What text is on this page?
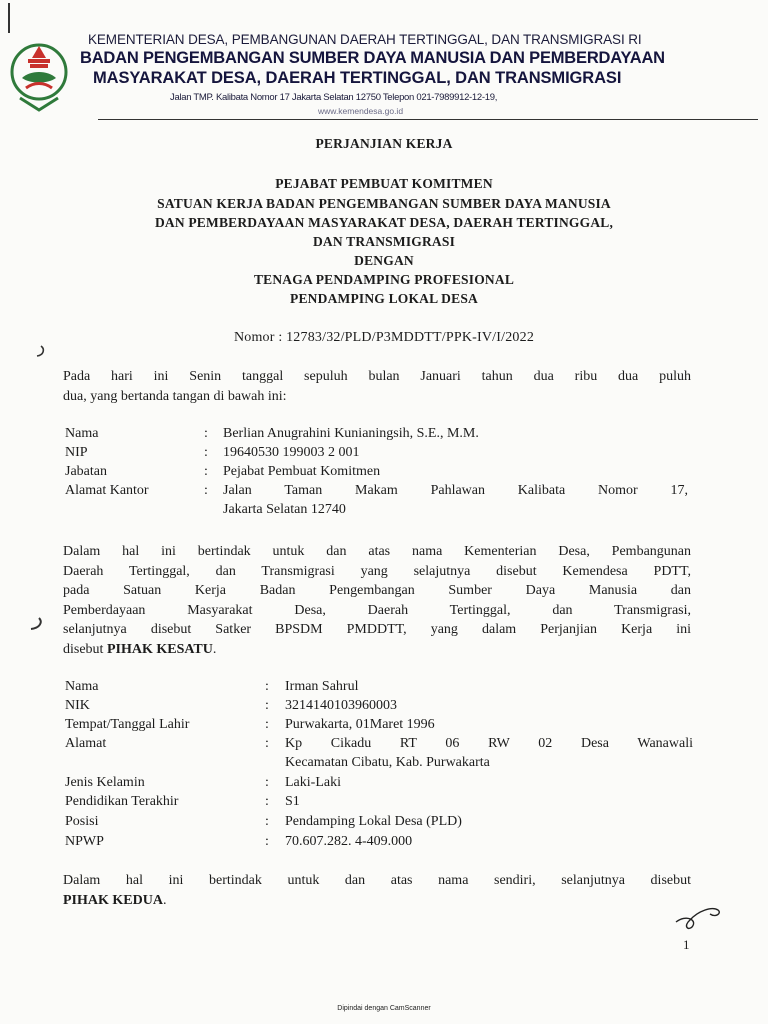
KEMENTERIAN DESA, PEMBANGUNAN DAERAH TERTINGGAL, DAN TRANSMIGRASI RI
BADAN PENGEMBANGAN SUMBER DAYA MANUSIA DAN PEMBERDAYAAN
MASYARAKAT DESA, DAERAH TERTINGGAL, DAN TRANSMIGRASI
Jalan TMP. Kalibata Nomor 17 Jakarta Selatan 12750 Telepon 021-7989912-12-19,
www.kemendesa.go.id
PERJANJIAN KERJA
PEJABAT PEMBUAT KOMITMEN
SATUAN KERJA BADAN PENGEMBANGAN SUMBER DAYA MANUSIA
DAN PEMBERDAYAAN MASYARAKAT DESA, DAERAH TERTINGGAL,
DAN TRANSMIGRASI
DENGAN
TENAGA PENDAMPING PROFESIONAL
PENDAMPING LOKAL DESA
Nomor : 12783/32/PLD/P3MDDTT/PPK-IV/I/2022
Pada hari ini Senin tanggal sepuluh bulan Januari tahun dua ribu dua puluh
dua, yang bertanda tangan di bawah ini:
Nama	: Berlian Anugrahini Kunianingsih, S.E., M.M.
NIP	: 19640530 199003 2 001
Jabatan	: Pejabat Pembuat Komitmen
Alamat Kantor	: Jalan Taman Makam Pahlawan Kalibata Nomor 17,
Jakarta Selatan 12740
Dalam hal ini bertindak untuk dan atas nama Kementerian Desa, Pembangunan
Daerah Tertinggal, dan Transmigrasi yang selajutnya disebut Kemendesa PDTT,
pada Satuan Kerja Badan Pengembangan Sumber Daya Manusia dan
Pemberdayaan Masyarakat Desa, Daerah Tertinggal, dan Transmigrasi,
selanjutnya disebut Satker BPSDM PMDDTT, yang dalam Perjanjian Kerja ini
disebut PIHAK KESATU.
Nama	: Irman Sahrul
NIK	: 3214140103960003
Tempat/Tanggal Lahir	: Purwakarta, 01Maret 1996
Alamat	: Kp Cikadu RT 06 RW 02 Desa Wanawali
Kecamatan Cibatu, Kab. Purwakarta
Jenis Kelamin	: Laki-Laki
Pendidikan Terakhir	: S1
Posisi	: Pendamping Lokal Desa (PLD)
NPWP	: 70.607.282. 4-409.000
Dalam hal ini bertindak untuk dan atas nama sendiri, selanjutnya disebut
PIHAK KEDUA.
1
Dipindai dengan CamScanner
